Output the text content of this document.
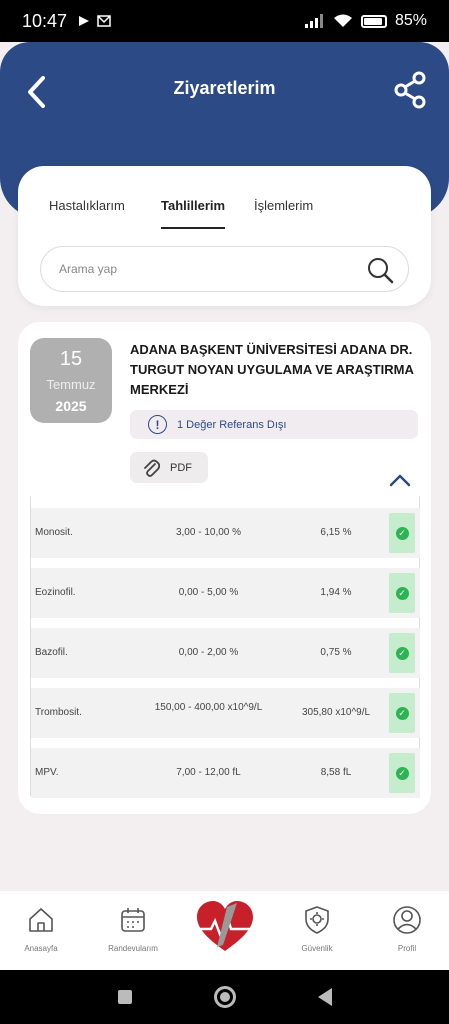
10:47	85%
Ziyaretlerim
Hastalıklarım	Tahlillerim İşlemlerim
Arama yap
15
Temmuz
2025
ADANA BAŞKENT ÜNİVERSİTESİ ADANA DR. TURGUT NOYAN UYGULAMA VE ARAŞTIRMA MERKEZİ
!	1 Değer Referans Dışı
PDF
Monosit.	3,00 - 10,00 %	6,15 %	✓
Eozinofil.	0,00 - 5,00 %	1,94 %	✓
Bazofil.	0,00 - 2,00 %	0,75 %	✓
Trombosit.	150,00 - 400,00 x10^9/L	305,80 x10^9/L	✓
MPV.	7,00 - 12,00 fL	8,58 fL	✓
Anasayfa	Randevularım	Güvenlik	Profil
